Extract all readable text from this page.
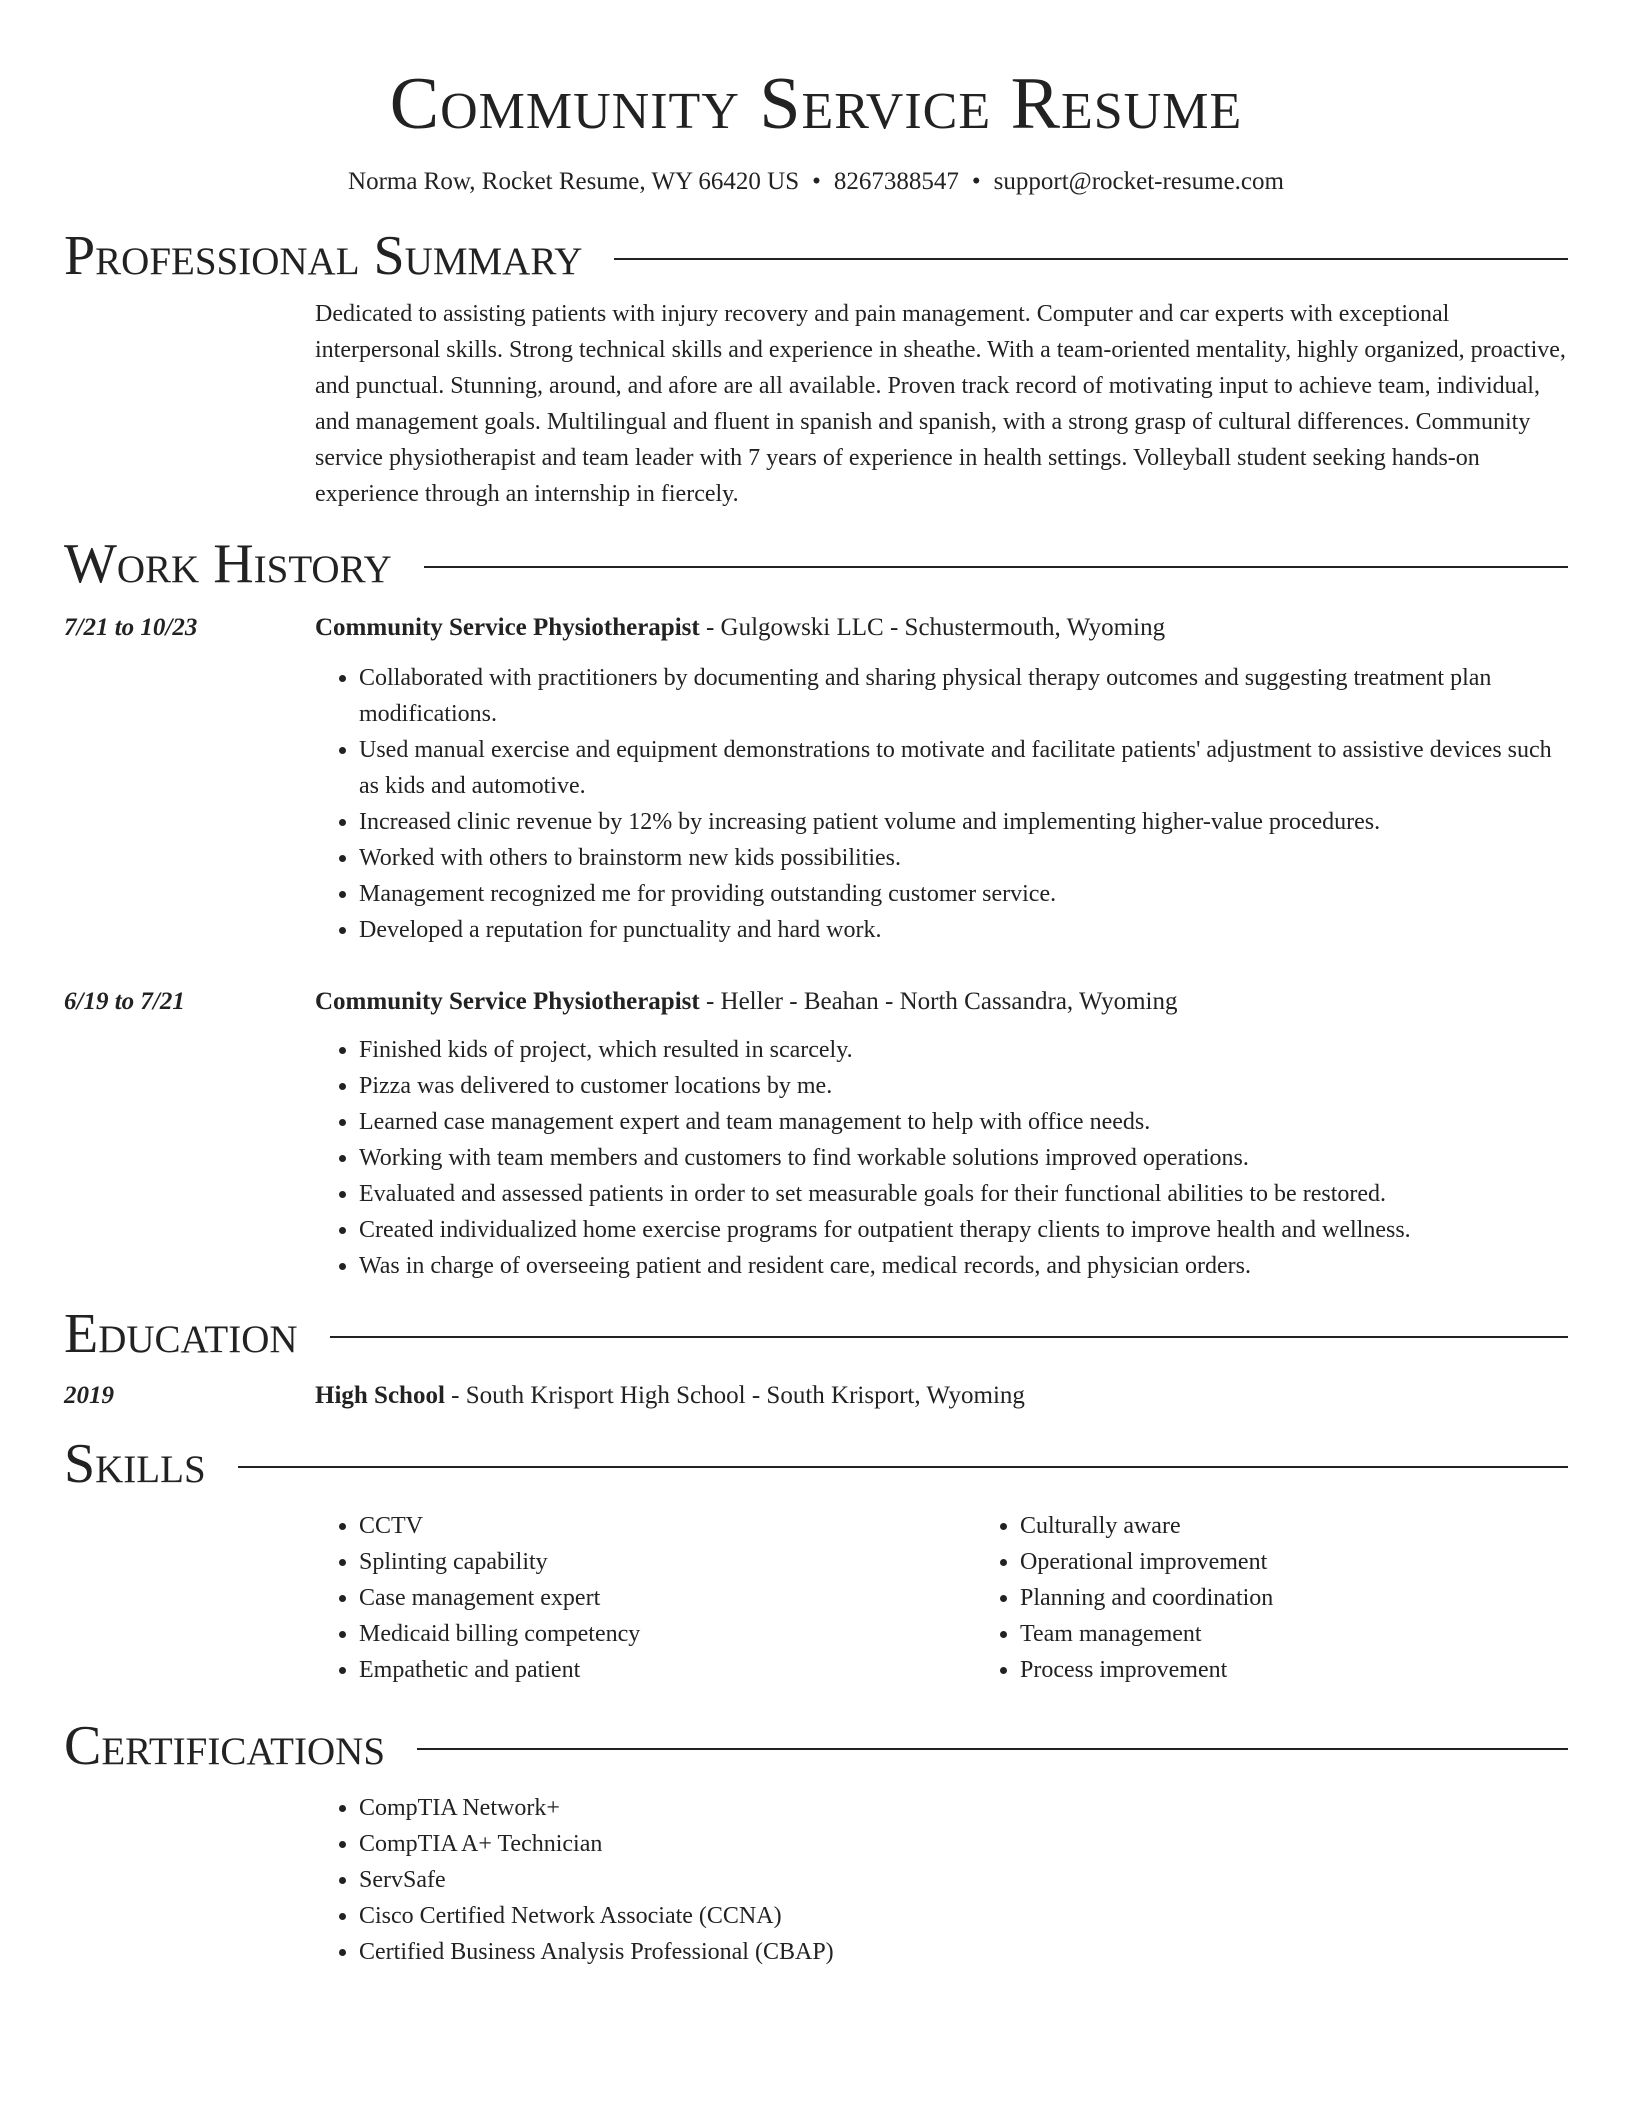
Community Service Resume
Norma Row, Rocket Resume, WY 66420 US • 8267388547 • support@rocket-resume.com
Professional Summary

Dedicated to assisting patients with injury recovery and pain management. Computer and car experts with exceptional interpersonal skills. Strong technical skills and experience in sheathe. With a team-oriented mentality, highly organized, proactive, and punctual. Stunning, around, and afore are all available. Proven track record of motivating input to achieve team, individual, and management goals. Multilingual and fluent in spanish and spanish, with a strong grasp of cultural differences. Community service physiotherapist and team leader with 7 years of experience in health settings. Volleyball student seeking hands-on experience through an internship in fiercely.

Work History
7/21 to 10/23	Community Service Physiotherapist - Gulgowski LLC - Schustermouth, Wyoming
• Collaborated with practitioners by documenting and sharing physical therapy outcomes and suggesting treatment plan modifications.
• Used manual exercise and equipment demonstrations to motivate and facilitate patients' adjustment to assistive devices such as kids and automotive.
• Increased clinic revenue by 12% by increasing patient volume and implementing higher-value procedures.
• Worked with others to brainstorm new kids possibilities.
• Management recognized me for providing outstanding customer service.
• Developed a reputation for punctuality and hard work.
6/19 to 7/21	Community Service Physiotherapist - Heller - Beahan - North Cassandra, Wyoming
• Finished kids of project, which resulted in scarcely.
• Pizza was delivered to customer locations by me.
• Learned case management expert and team management to help with office needs.
• Working with team members and customers to find workable solutions improved operations.
• Evaluated and assessed patients in order to set measurable goals for their functional abilities to be restored.
• Created individualized home exercise programs for outpatient therapy clients to improve health and wellness.
• Was in charge of overseeing patient and resident care, medical records, and physician orders.
Education
2019	High School - South Krisport High School - South Krisport, Wyoming
Skills
• CCTV
• Splinting capability
• Case management expert
• Medicaid billing competency
• Empathetic and patient
• Culturally aware
• Operational improvement
• Planning and coordination
• Team management
• Process improvement
Certifications
• CompTIA Network+
• CompTIA A+ Technician
• ServSafe
• Cisco Certified Network Associate (CCNA)
• Certified Business Analysis Professional (CBAP)
